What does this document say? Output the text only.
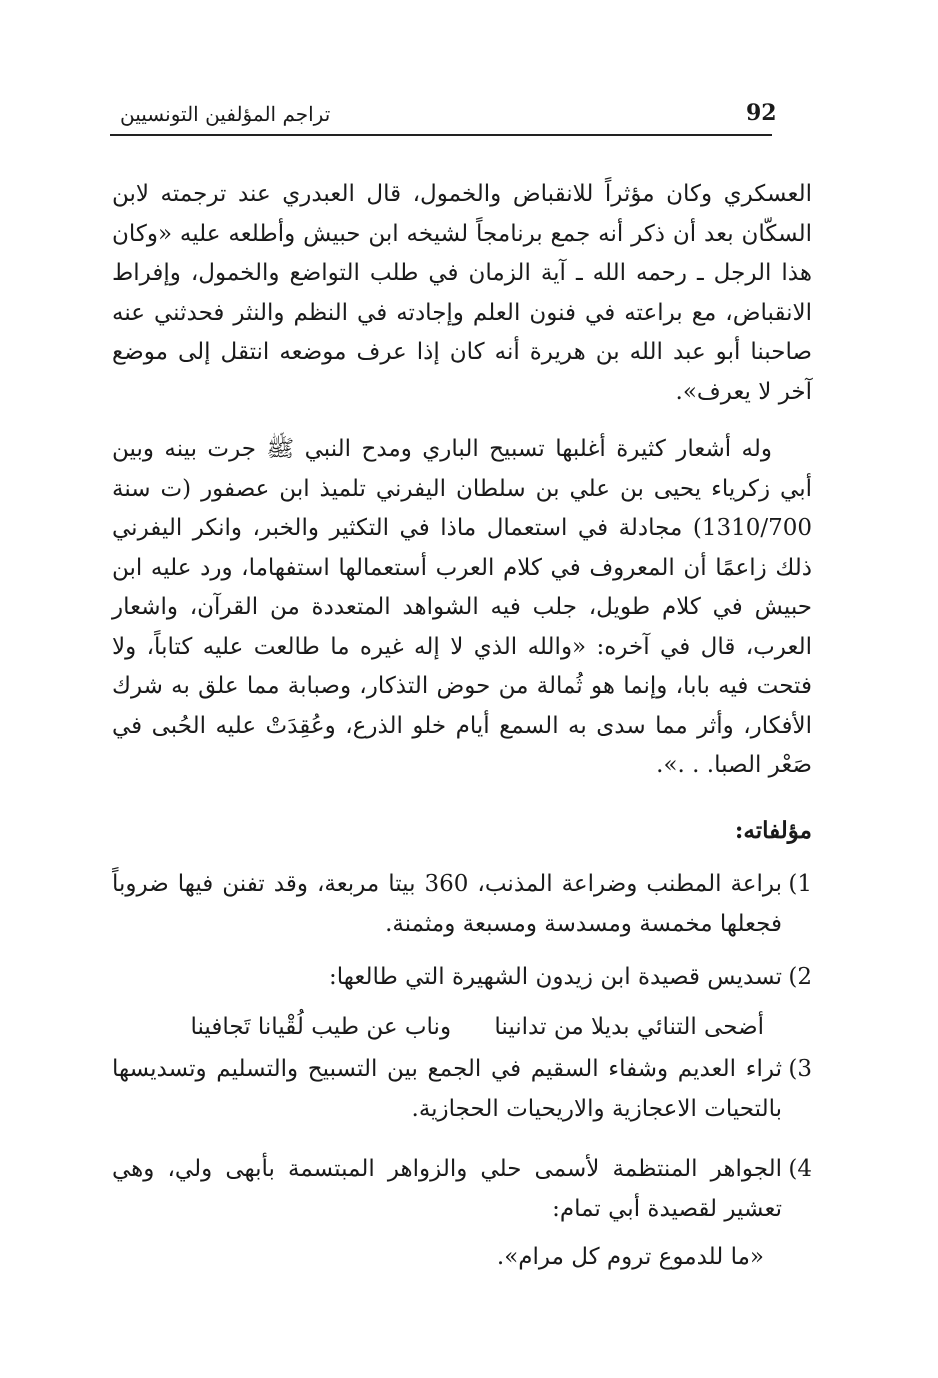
92
تراجم المؤلفين التونسيين
العسكري وكان مؤثراً للانقباض والخمول، قال العبدري عند ترجمته لابن السكّان بعد أن ذكر أنه جمع برنامجاً لشيخه ابن حبيش وأطلعه عليه «وكان هذا الرجل ـ رحمه الله ـ آية الزمان في طلب التواضع والخمول، وإفراط الانقباض، مع براعته في فنون العلم وإجادته في النظم والنثر فحدثني عنه صاحبنا أبو عبد الله بن هريرة أنه كان إذا عرف موضعه انتقل إلى موضع آخر لا يعرف».
وله أشعار كثيرة أغلبها تسبيح الباري ومدح النبي ﷺ جرت بينه وبين أبي زكرياء يحيى بن علي بن سلطان اليفرني تلميذ ابن عصفور (ت سنة 1310/700) مجادلة في استعمال ماذا في التكثير والخبر، وانكر اليفرني ذلك زاعمًا أن المعروف في كلام العرب أستعمالها استفهاما، ورد عليه ابن حبيش في كلام طويل، جلب فيه الشواهد المتعددة من القرآن، واشعار العرب، قال في آخره: «والله الذي لا إله غيره ما طالعت عليه كتاباً، ولا فتحت فيه بابا، وإنما هو ثُمالة من حوض التذكار، وصبابة مما علق به شرك الأفكار، وأثر مما سدى به السمع أيام خلو الذرع، وعُقِدَتْ عليه الحُبى في صَعْر الصبا. . .».
مؤلفاته:
1)
براعة المطنب وضراعة المذنب، 360 بيتا مربعة، وقد تفنن فيها ضروباً فجعلها مخمسة ومسدسة ومسبعة ومثمنة.
2)
تسديس قصيدة ابن زيدون الشهيرة التي طالعها:
أضحى التنائي بديلا من تدانينا وناب عن طيب لُقْيانا تَجافينا
3)
ثراء العديم وشفاء السقيم في الجمع بين التسبيح والتسليم وتسديسها بالتحيات الاعجازية والاريحيات الحجازية.
4)
الجواهر المنتظمة لأسمى حلي والزواهر المبتسمة بأبهى ولي، وهي تعشير لقصيدة أبي تمام:
«ما للدموع تروم كل مرام».
